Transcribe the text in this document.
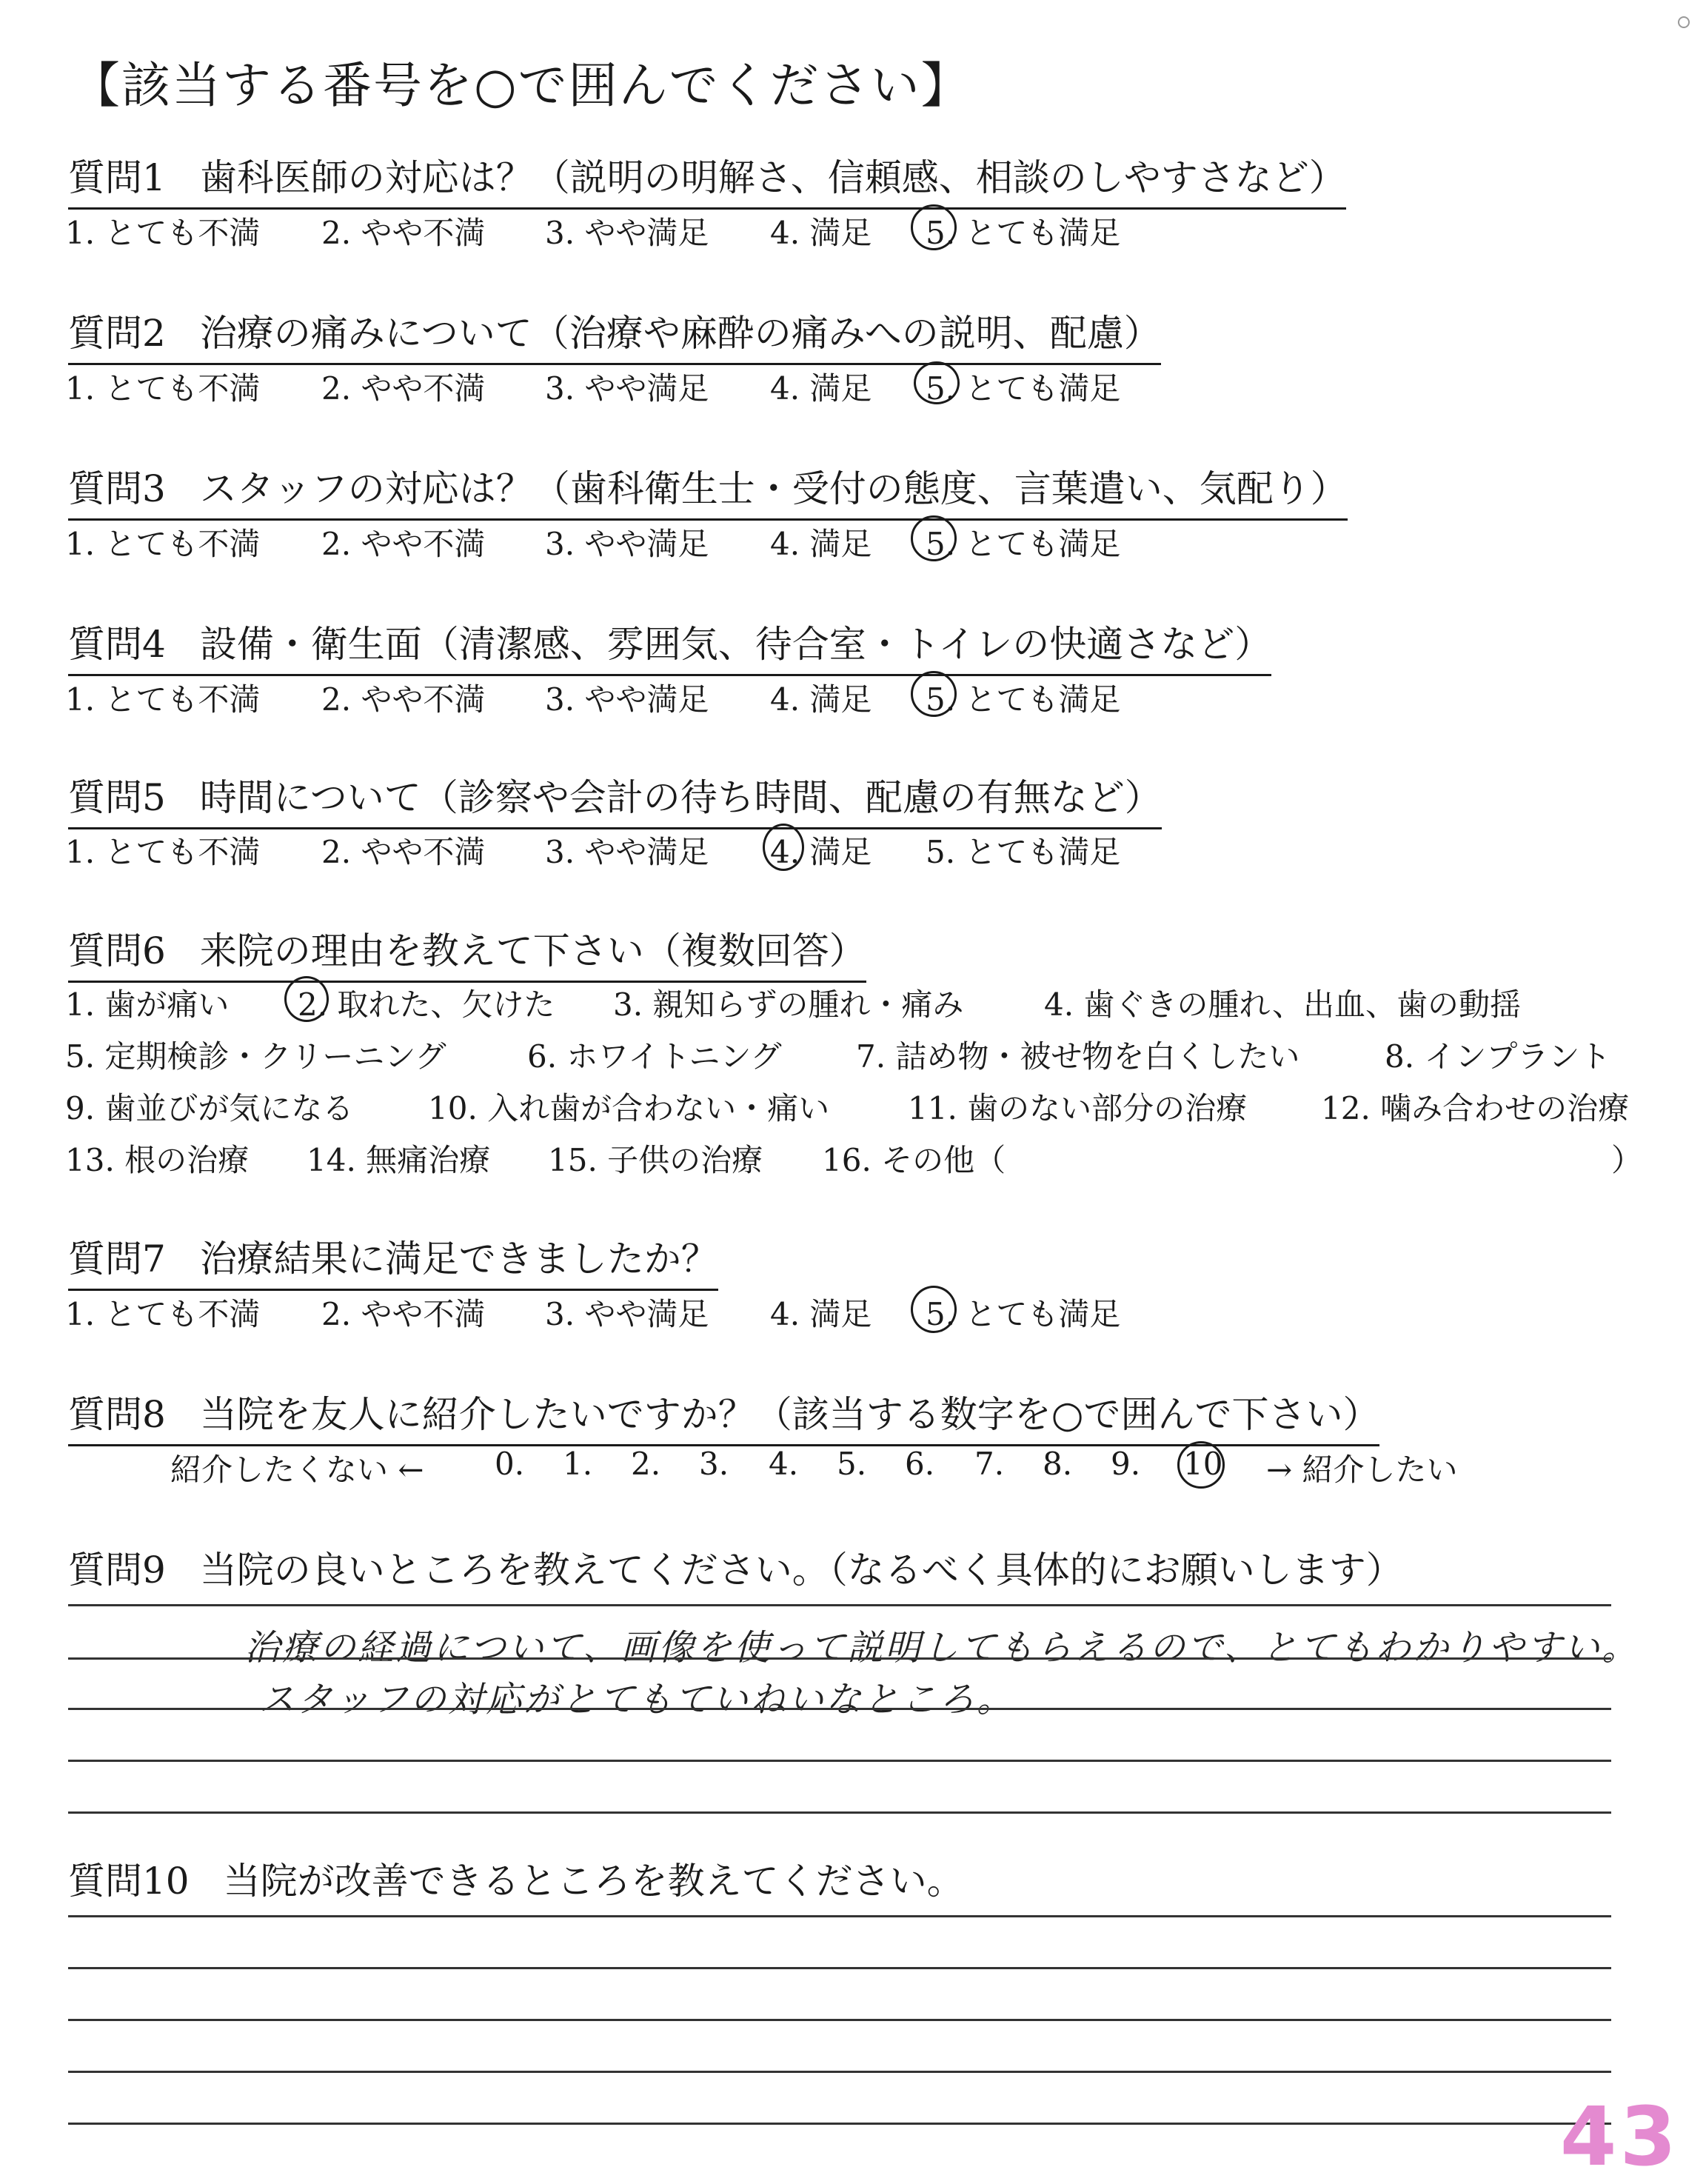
【該当する番号を○で囲んでください】
質問1 歯科医師の対応は？（説明の明解さ、信頼感、相談のしやすさなど）
1. とても不満 2. やや不満 3. やや満足 4. 満足 5. とても満足
質問2 治療の痛みについて（治療や麻酔の痛みへの説明、配慮）
1. とても不満 2. やや不満 3. やや満足 4. 満足 5. とても満足
質問3 スタッフの対応は？（歯科衛生士・受付の態度、言葉遣い、気配り）
1. とても不満 2. やや不満 3. やや満足 4. 満足 5. とても満足
質問4 設備・衛生面（清潔感、雰囲気、待合室・トイレの快適さなど）
1. とても不満 2. やや不満 3. やや満足 4. 満足 5. とても満足
質問5 時間について（診察や会計の待ち時間、配慮の有無など）
1. とても不満 2. やや不満 3. やや満足 4. 満足 5. とても満足
質問6 来院の理由を教えて下さい（複数回答）
1. 歯が痛い 2. 取れた、欠けた 3. 親知らずの腫れ・痛み	4. 歯ぐきの腫れ、出血、歯の動揺
5. 定期検診・クリーニング	6. ホワイトニング 7. 詰め物・被せ物を白くしたい	8. インプラント
9. 歯並びが気になる 10. 入れ歯が合わない・痛い	11. 歯のない部分の治療 12. 噛み合わせの治療
13. 根の治療 14. 無痛治療 15. 子供の治療 16. その他（	）
質問7 治療結果に満足できましたか？
1. とても不満 2. やや不満 3. やや満足 4. 満足 5. とても満足
質問8 当院を友人に紹介したいですか？（該当する数字を○で囲んで下さい）
紹介したくない ← 0. 1. 2. 3. 4. 5. 6. 7. 8. 9. 10 → 紹介したい
質問9 当院の良いところを教えてください。（なるべく具体的にお願いします）
治療の経過について、画像を使って説明してもらえるので、とてもわかりやすい。
スタッフの対応がとてもていねいなところ。
質問10 当院が改善できるところを教えてください。
43
